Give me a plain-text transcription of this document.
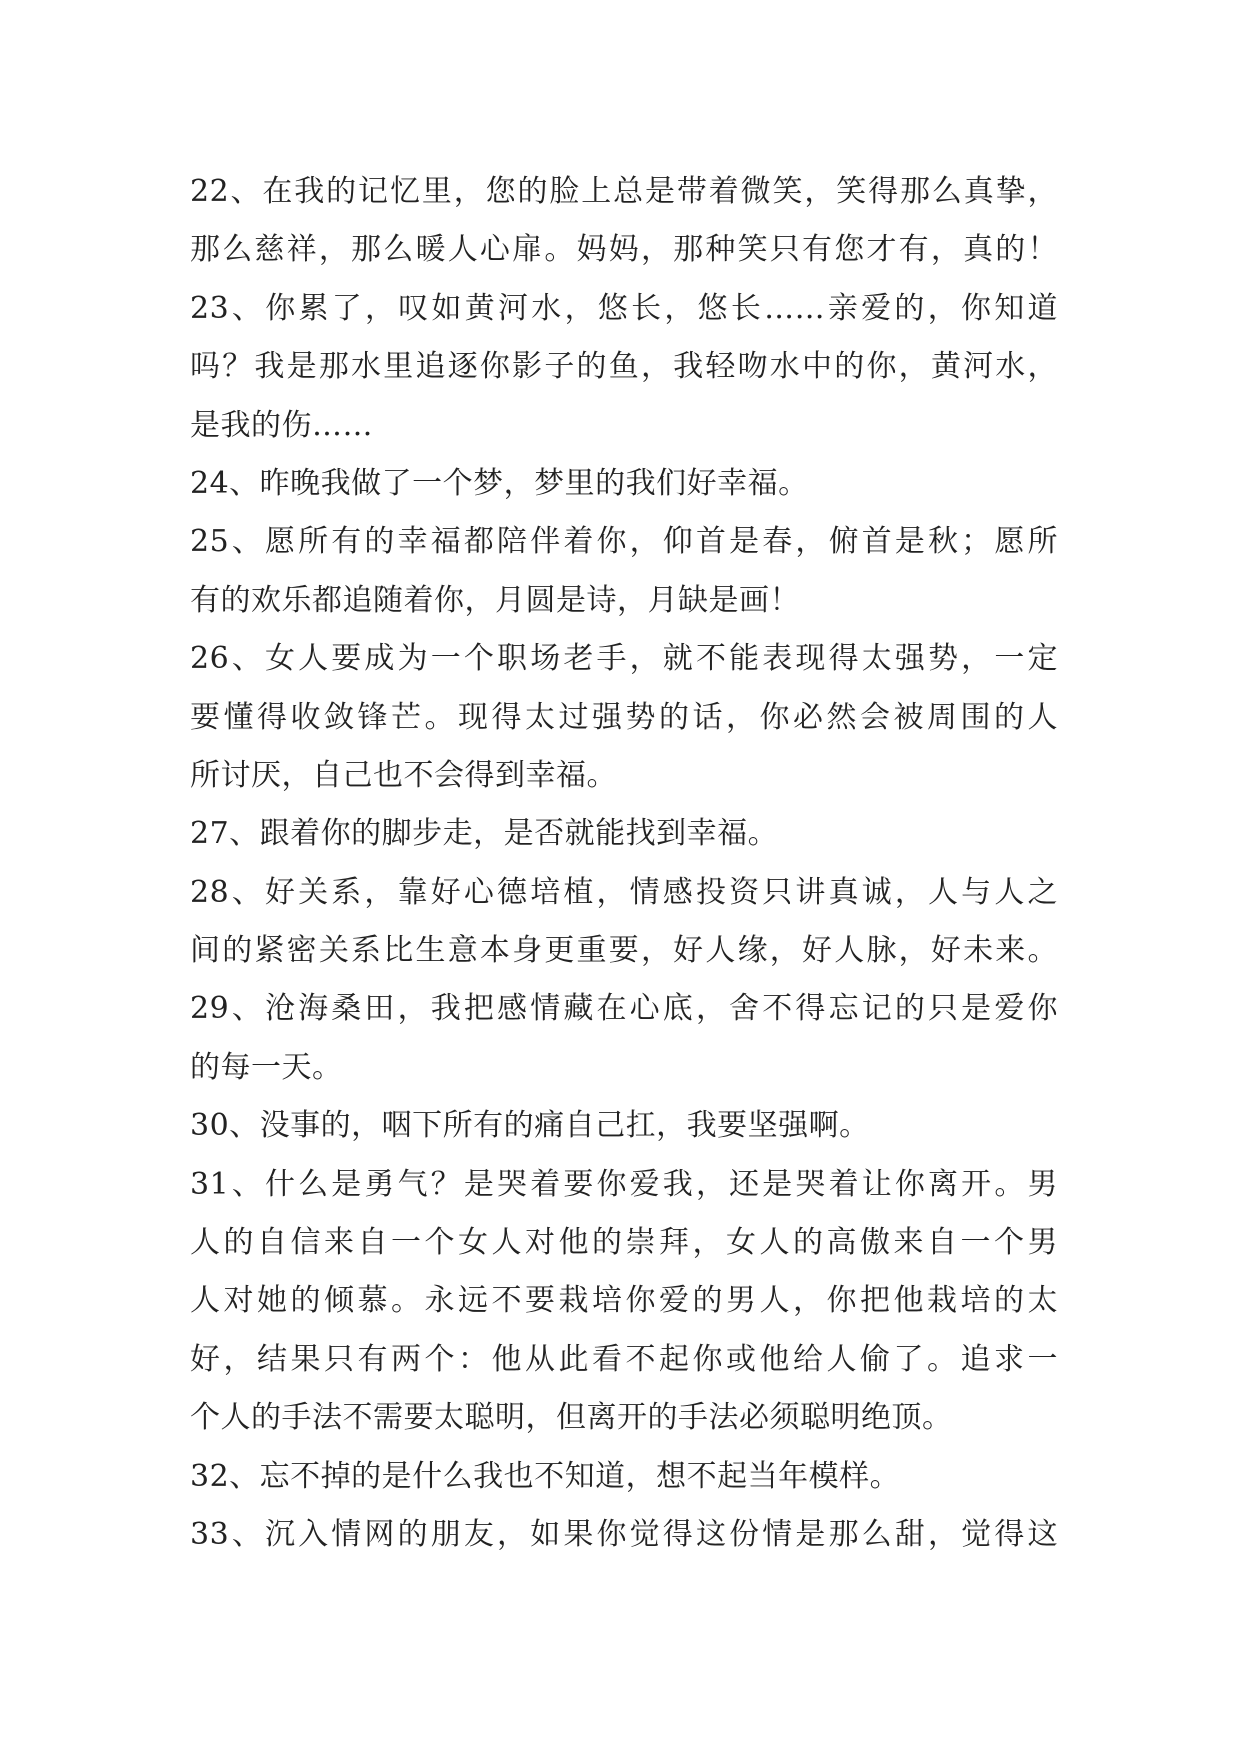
22、在我的记忆里，您的脸上总是带着微笑，笑得那么真挚，
那么慈祥，那么暖人心扉。妈妈，那种笑只有您才有，真的！
23、你累了，叹如黄河水，悠长，悠长……亲爱的，你知道
吗？我是那水里追逐你影子的鱼，我轻吻水中的你，黄河水，
是我的伤……
24、昨晚我做了一个梦，梦里的我们好幸福。
25、愿所有的幸福都陪伴着你，仰首是春，俯首是秋；愿所
有的欢乐都追随着你，月圆是诗，月缺是画！
26、女人要成为一个职场老手，就不能表现得太强势，一定
要懂得收敛锋芒。现得太过强势的话，你必然会被周围的人
所讨厌，自己也不会得到幸福。
27、跟着你的脚步走，是否就能找到幸福。
28、好关系，靠好心德培植，情感投资只讲真诚，人与人之
间的紧密关系比生意本身更重要，好人缘，好人脉，好未来。
29、沧海桑田，我把感情藏在心底，舍不得忘记的只是爱你
的每一天。
30、没事的，咽下所有的痛自己扛，我要坚强啊。
31、什么是勇气？是哭着要你爱我，还是哭着让你离开。男
人的自信来自一个女人对他的崇拜，女人的高傲来自一个男
人对她的倾慕。永远不要栽培你爱的男人，你把他栽培的太
好，结果只有两个：他从此看不起你或他给人偷了。追求一
个人的手法不需要太聪明，但离开的手法必须聪明绝顶。
32、忘不掉的是什么我也不知道，想不起当年模样。
33、沉入情网的朋友，如果你觉得这份情是那么甜，觉得这
